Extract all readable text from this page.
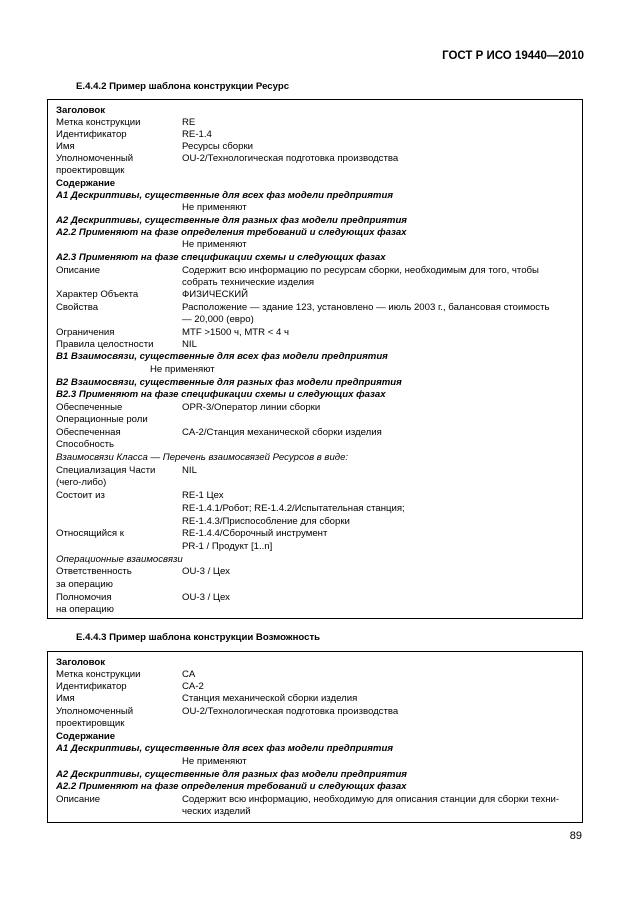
ГОСТ Р ИСО 19440—2010
Е.4.4.2 Пример шаблона конструкции Ресурс
Заголовок
Метка конструкции	RE
Идентификатор	RE-1.4
Имя	Ресурсы сборки
Уполномоченный	OU-2/Технологическая подготовка производства
проектировщик
Содержание
А1 Дескриптивы, существенные для всех фаз модели предприятия
Не применяют
А2 Дескриптивы, существенные для разных фаз модели предприятия
А2.2 Применяют на фазе определения требований и следующих фазах
Не применяют
А2.3 Применяют на фазе спецификации схемы и следующих фазах
Описание	Содержит всю информацию по ресурсам сборки, необходимым для того, чтобы
собрать технические изделия
Характер Объекта	ФИЗИЧЕСКИЙ
Свойства	Расположение — здание 123, установлено — июль 2003 г., балансовая стоимость
— 20,000 (евро)
Ограничения	MTF >1500 ч, MTR < 4 ч
Правила целостности	NIL
В1 Взаимосвязи, существенные для всех фаз модели предприятия
Не применяют
В2 Взаимосвязи, существенные для разных фаз модели предприятия
В2.3 Применяют на фазе спецификации схемы и следующих фазах
Обеспеченные	OPR-3/Оператор линии сборки
Операционные роли
Обеспеченная	CA-2/Станция механической сборки изделия
Способность
Взаимосвязи Класса — Перечень взаимосвязей Ресурсов в виде:
Специализация Части	NIL
(чего-либо)
Состоит из	RE-1 Цех
RE-1.4.1/Робот; RE-1.4.2/Испытательная станция;
RE-1.4.3/Приспособление для сборки
Относящийся к	RE-1.4.4/Сборочный инструмент
PR-1 / Продукт [1..n]
Операционные взаимосвязи
Ответственность	OU-3 / Цех
за операцию
Полномочия	OU-3 / Цех
на операцию
Е.4.4.3 Пример шаблона конструкции Возможность
Заголовок
Метка конструкции	CA
Идентификатор	CA-2
Имя	Станция механической сборки изделия
Уполномоченный	OU-2/Технологическая подготовка производства
проектировщик
Содержание
А1 Дескриптивы, существенные для всех фаз модели предприятия
Не применяют
А2 Дескриптивы, существенные для разных фаз модели предприятия
А2.2 Применяют на фазе определения требований и следующих фазах
Описание	Содержит всю информацию, необходимую для описания станции для сборки техни-
ческих изделий
89
